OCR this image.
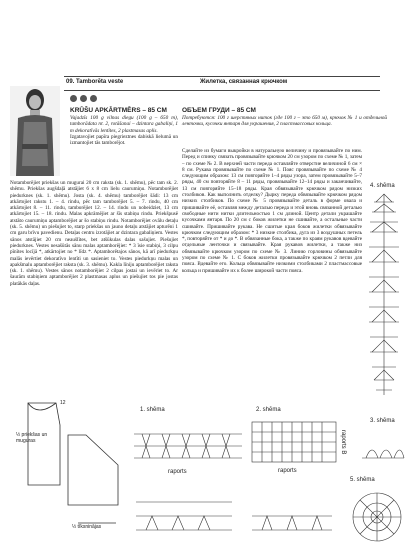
09. Tamborēta veste	Жилетка, связанная крючком
KRŪŠU APKĀRTMĒRS – 85 CM ОБЪЕМ ГРУДИ – 85 СМ

Vajadzīs 100 g vilnas diegu (100 g – 650 m), tamborādata nr. 2, rotāšanai – dzintara gabaliņi, 1 m dekoratīvās lentītes, 2 plastmasas aplis.

Izgatavojiet papīra piegrieztnes dabiskā lielumā un izmantojiet tās tamborējot.

Потребуются: 100 г шерстяных ниток (где 100 г – это 650 м), крючок № 1 и отдельной ленточки, кусочки янтаря для украшения, 2 пластмассовых кольца.

Notamborējiet priekšas un mugurai 20 cm raksta (sk. 1. shēmu), pēc tam sk. 2. shēmu. Priekšas augšdaļā atstājiet 6 x 8 cm lielu caurumiņu. Notamborējiet piedurknes (sk. 1. shēmu). Josta (sk. 4. shēmu) tamborējiet šādi: 13 cm atkārtojiet rakstu 1. – 4. rindu, pēc tam tamborējiet 5. – 7. rindu, 40 cm atkārtojiet 8. – 11. rindu, tamborējiet 12. – 14. rindu un nobeidziet, 13 cm atkārtojiet 15. – 18. rindu. Malas apkrāmējiet ar šīs stabiņu rindu. Priekšpusē atstāto caurumiņu aptamborējiet ar šo stabiņu rindu. Notamborējiet ovālu detaļu (sk. 5. shēmu) un piešujiet to, starp priekšas un jauno detaļu atstājiet apturēni 1 cm garu brīvu pavedienu. Detaļas centru izrotājiet ar dzintara gabaliņiem. Vestes sānos atstājiet 20 cm neaušlītes, bet atšūkulas dalas sašujiet. Piešujiet piedurknes. Vestes nesašūtās sānu malas aptamborējiet: * 3 īsie stabiņi, 3 cilpu pīnītes locījā *, atkārtojiet no * līdz *. Aptamborētajos sānos, kā arī piedurkņu malās ievērtiet dekoratīvo lentīti un sasieniet to. Vestes piedurkņu malas un apakšmalu aptamborējiet raksta (sk. 3. shēmu). Kakla līniju aptamborējiet raksta (sk. 1. shēmu). Vestes sānos notamborējiet 2 cilpas jostai un ievēriet to. Ar šaurām stabiņiem aptamborējiet 2 plastmasas aplus un piešujiet tos pie jostas platākās daļas.

Сделайте из бумаги выкройки в натуральную величину и провязывайте по ним. Перед и спинку связать провязывайте крючком 20 см узором по схеме № 1, затем – по схеме № 2. В верхней части переда оставляйте отверстие величиной 6 см × 8 см. Рукава провязывайте по схеме № 1. Пояс провязывайте по схеме № 4 следующим образом: 13 см повторяйте 1–4 ряды узора, затем провязывайте 5–7 ряды, 40 см повторяйте 8 – 11 ряды, провязывайте 12–14 ряды и заканчивайте, 13 см повторяйте 15–18 ряды. Края обвязывайте крючком рядом низких столбиков. Как выполнить отделку? Дырку переда обвязывайте крючком рядом низких столбиков. По схеме № 5 провязывайте деталь в форме овала и пришивайте её, оставляя между деталью переда и этой вновь связанной деталью свободные нити нитки длительностью 1 см длиной. Центр детали украшайте кусочками янтаря. По 20 см с боков жилетки не сшивайте, а остальные части сшивайте. Пришивайте рукава. Не сшитые края боков жилетки обвязывайте крючком следующим образом: * 3 низкие столбика, дуга из 3 воздушных петель *, повторяйте от * и до *. В обвязанные бока, а также по краям рукавов вдевайте отдельные ленточки и связывайте. Края рукавов жилетки, а также низ обвязывайте крючком узором по схеме № 3. Линию горловины обвязывайте узором по схеме № 1. С боков жилетки провязывайте крючком 2 петли для пояса. Вдевайте его. Кольца обвязывайте низкими столбиками 2 пластмассовые кольца и пришивайте их к более широкой части пояса.

4. shēma
½ priekšas un muguras
½ tīksninājas
12
1. shēma
raports
2. shēma
raports
raports B
3. shēma
5. shēma
